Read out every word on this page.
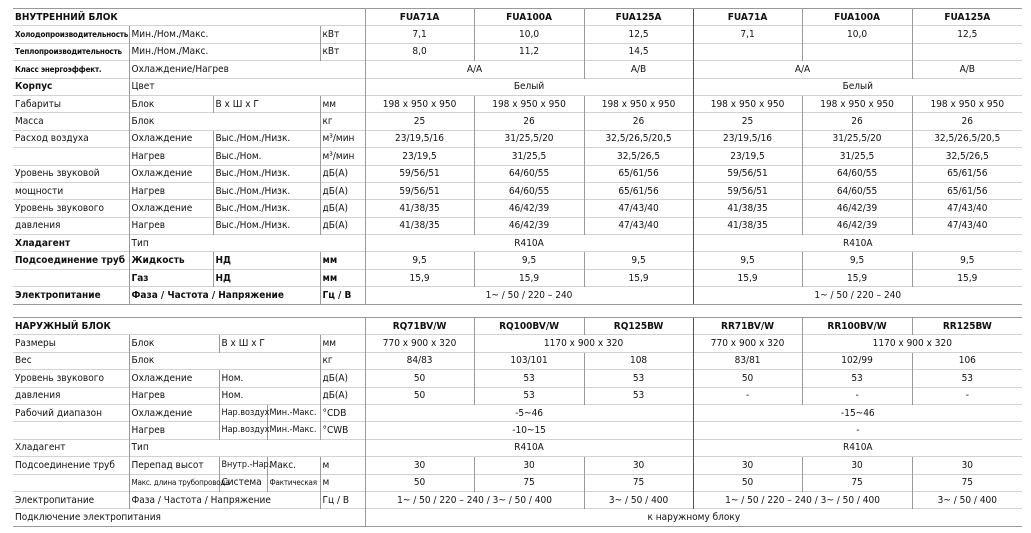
ВНУТРЕННИЙ БЛОК				FUA71A	FUA100A	FUA125A	FUA71A	FUA100A	FUA125A
Холодопроизводительность	Мин./Ном./Макс.		кВт	7,1	10,0	12,5	7,1	10,0	12,5
Теплопроизводительность	Мин./Ном./Макс.		кВт	8,0	11,2	14,5			
Класс энергоэффект.	Охлаждение/Нагрев			A/A		A/B	A/A		A/B
Корпус	Цвет			Белый			Белый		
Габариты	Блок	В x Ш x Г	мм	198 x 950 x 950	198 x 950 x 950	198 x 950 x 950	198 x 950 x 950	198 x 950 x 950	198 x 950 x 950
Масса	Блок		кг	25	26	26	25	26	26
Расход воздуха	Охлаждение	Выс./Ном./Низк.	м³/мин	23/19,5/16	31/25,5/20	32,5/26,5/20,5	23/19,5/16	31/25,5/20	32,5/26,5/20,5
	Нагрев	Выс./Ном.	м³/мин	23/19,5	31/25,5	32,5/26,5	23/19,5	31/25,5	32,5/26,5
Уровень звуковой	Охлаждение	Выс./Ном./Низк.	дБ(А)	59/56/51	64/60/55	65/61/56	59/56/51	64/60/55	65/61/56
мощности	Нагрев	Выс./Ном./Низк.	дБ(А)	59/56/51	64/60/55	65/61/56	59/56/51	64/60/55	65/61/56
Уровень звукового	Охлаждение	Выс./Ном./Низк.	дБ(А)	41/38/35	46/42/39	47/43/40	41/38/35	46/42/39	47/43/40
давления	Нагрев	Выс./Ном./Низк.	дБ(А)	41/38/35	46/42/39	47/43/40	41/38/35	46/42/39	47/43/40
Хладагент	Тип			R410A			R410A		
Подсоединение труб	Жидкость	НД	мм	9,5	9,5	9,5	9,5	9,5	9,5
	Газ	НД	мм	15,9	15,9	15,9	15,9	15,9	15,9
Электропитание	Фаза / Частота / Напряжение		Гц / В	1~ / 50 / 220 – 240			1~ / 50 / 220 – 240		
НАРУЖНЫЙ БЛОК					RQ71BV/W	RQ100BV/W	RQ125BW	RR71BV/W	RR100BV/W	RR125BW
Размеры	Блок	В x Ш x Г		мм	770 x 900 x 320	1170 x 900 x 320		770 x 900 x 320	1170 x 900 x 320	
Вес	Блок			кг	84/83	103/101	108	83/81	102/99	106
Уровень звукового	Охлаждение	Ном.		дБ(А)	50	53	53	50	53	53
давления	Нагрев	Ном.		дБ(А)	50	53	53	-	-	-
Рабочий диапазон	Охлаждение	Нар.воздух	Мин.-Макс.	°CDB	-5~46			-15~46		
	Нагрев	Нар.воздух	Мин.-Макс.	°CWB	-10~15			-		
Хладагент	Тип				R410A			R410A		
Подсоединение труб	Перепад высот	Внутр.-Нар.	Макс.	м	30	30	30	30	30	30
	Макс. длина трубопровода	Система	Фактическая	м	50	75	75	50	75	75
Электропитание	Фаза / Частота / Напряжение			Гц / В	1~ / 50 / 220 – 240 / 3~ / 50 / 400		3~ / 50 / 400	1~ / 50 / 220 – 240 / 3~ / 50 / 400		3~ / 50 / 400
Подключение электропитания					к наружному блоку					
